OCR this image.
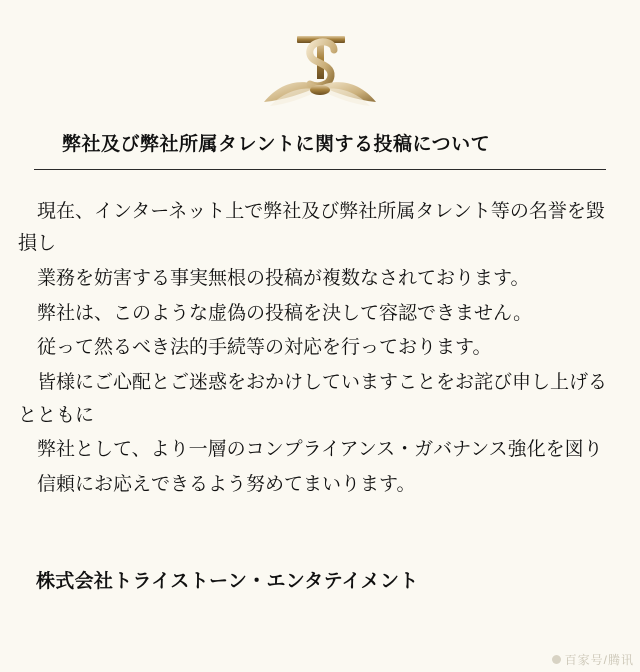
弊社及び弊社所属タレントに関する投稿について

　現在、インターネット上で弊社及び弊社所属タレント等の名誉を毀損し

　業務を妨害する事実無根の投稿が複数なされております。

　弊社は、このような虚偽の投稿を決して容認できません。

　従って然るべき法的手続等の対応を行っております。

　皆様にご心配とご迷惑をおかけしていますことをお詫び申し上げるとともに

　弊社として、より一層のコンプライアンス・ガバナンス強化を図り

　信頼にお応えできるよう努めてまいります。

株式会社トライストーン・エンタテイメント
百家号/腾讯
